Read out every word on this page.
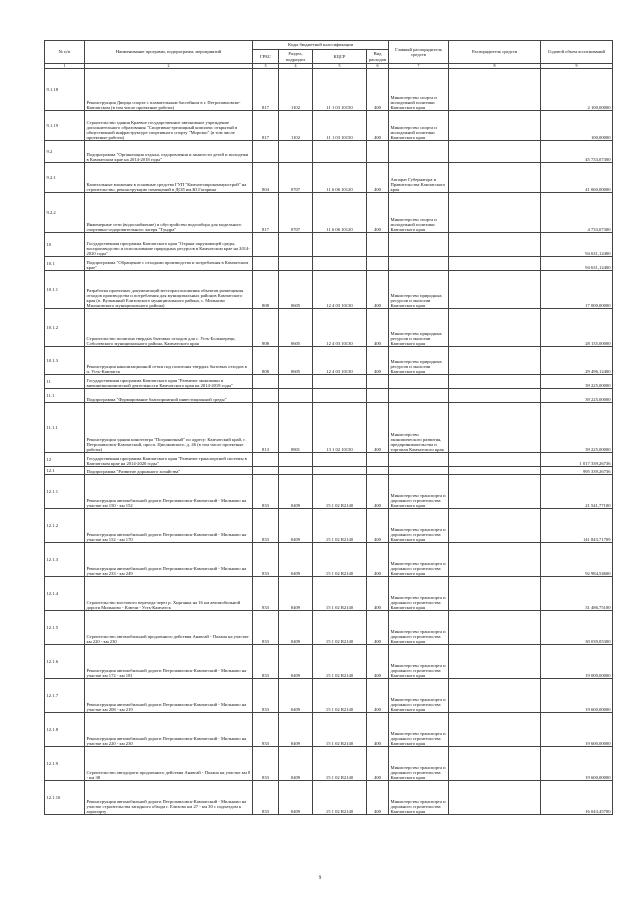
№ п/п	Наименование программ, подпрограмм, мероприятий	Коды бюджетной классификации				Главный распорядитель средств	Распорядитель средств	Годовой объем ассигнований
		ГРБС	Раздел, подраздел	КЦСР	Вид расходов			
1	2	3	4	5	6	7	8	9
9.1.18	Реконструкция Дворца спорта с плавательным бассейном в г. Петропавловске-Камчатском (в том числе проектные работы)	817	1102	11 1 03 10150	400	Министерство спорта и молодежной политики Камчатского края		2 100,00000
9.1.19	Строительство здания Краевое государственное автономное учреждение дополнительного образования "Спортивно-зрелищный комплекс открытый в общественной инфраструктуре спортивного спорту "Морозко" (в том числе проектные работы)	817	1102	11 1 03 10150	400	Министерство спорта и молодежной политики Камчатского края		100,00000
9.2	Подпрограмма "Организация отдыха, оздоровления и занятости детей и молодежи в Камчатском крае на 2014-2018 годы"							45 733,07300
9.2.1	Капитальные вложения в основные средства ГУП "Камчатгипрокоммунстрой" на строительство, реконструкцию помещений в ДОЛ им.Ю.Гагарина	804	0707	11 6 06 10120	400	Аппарат Губернатора и Правительства Камчатского края		41 060,00000
9.2.2	Инженерные сети (водоснабжение) и обустройство водозабора для модельного спортивно-оздоровительного лагеря "Тундра"	817	0707	11 6 06 10120	400	Министерство спорта и молодежной политики Камчатского края		4 733,07300
10	Государственная программа Камчатского края "Охрана окружающей среды, воспроизводство и использование природных ресурсов в Камчатском крае на 2014-2020 годы"							94 631,12400
10.1	Подпрограмма "Обращение с отходами производства и потребления в Камчатском крае"							94 631,12400
10.1.1	Разработка проектных документаций месторасположения объектов размещения отходов производства и потребления для муниципальных районов Камчатского края (п. Вулканный Елизовского муниципального района, с. Мильково Мильковского муниципального района)	808	0605	12 4 03 10130	400	Министерство природных ресурсов и экологии Камчатского края		17 000,00000
10.1.2	Строительство полигона твердых бытовых отходов для с. Усть-Большерецк, Соболевского муниципального района, Камчатского края	808	0605	12 4 03 10130	400	Министерство природных ресурсов и экологии Камчатского края		28 135,00000
10.1.3	Реконструкция канализационной сетки под полигоны твердых бытовых отходов в п. Усть-Камчатск	808	0605	12 4 03 10130	400	Министерство природных ресурсов и экологии Камчатского края		29 496,12400
11	Государственная программа Камчатского края "Развитие экономики и внешнеэкономической деятельности Камчатского края на 2014-2018 годы"							39 225,00000
11.1	Подпрограмма "Формирование благоприятной инвестиционной среды"							39 225,00000
11.1.1	Реконструкция здания кинотеатра "Пограничный" по адресу: Камчатский край, г. Петропавловск-Камчатский, просп. Циолковского, д. 46 (в том числе проектные работы)	813	0801	13 1 02 10150	400	Министерство экономического развития, предпринимательства и торговли Камчатского края		39 225,00000
12	Государственная программа Камчатского края "Развитие транспортной системы в Камчатском крае на 2014-2020 годы"							1 017 339,26736
12.1	Подпрограмма "Развитие дорожного хозяйства"							995 339,26736
12.1.1	Реконструкция автомобильной дороги Петропавловск-Камчатский - Мильково на участке км 150 - км 152	833	0409	15 1 02 R2140	400	Министерство транспорта и дорожного строительства Камчатского края		21 541,77100
12.1.2	Реконструкция автомобильной дороги Петропавловск-Камчатский - Мильково на участке км 152 - км 170	833	0409	15 1 02 R2140	400	Министерство транспорта и дорожного строительства Камчатского края		141 843,71709
12.1.3	Реконструкция автомобильной дороги Петропавловск-Камчатский - Мильково на участке км 233 - км 249	833	0409	15 1 02 R2140	400	Министерство транспорта и дорожного строительства Камчатского края		92 984,54600
12.1.4	Строительство мостового перехода через р. Хирганка на 16 км автомобильной дороги Мильково - Ключи - Усть-Камчатск	833	0409	15 1 02 R2140	400	Министерство транспорта и дорожного строительства Камчатского края		31 486,75100
12.1.5	Строительство автомобильной продленного действия Анавгай - Палана на участке км 220 - км 230	833	0409	15 1 02 R2140	400	Министерство транспорта и дорожного строительства Камчатского края		30 039,05300
12.1.6	Реконструкция автомобильной дороги Петропавловск-Камчатский - Мильково на участке км 172 - км 181	833	0409	15 1 02 R2140	400	Министерство транспорта и дорожного строительства Камчатского края		19 000,00000
12.1.7	Реконструкция автомобильной дороги Петропавловск-Камчатский - Мильково на участке км 208 - км 219	833	0409	15 1 02 R2140	400	Министерство транспорта и дорожного строительства Камчатского края		19 600,00000
12.1.8	Реконструкция автомобильной дороги Петропавловск-Камчатский - Мильково на участке км 220 - км 230	833	0409	15 1 02 R2140	400	Министерство транспорта и дорожного строительства Камчатского края		19 600,00000
12.1.9	Строительство автодороги продленного действия Анавгай - Палана на участке км 0 - км 38	833	0409	15 1 02 R2140	400	Министерство транспорта и дорожного строительства Камчатского края		19 600,00000
12.1.10	Реконструкция автомобильной дороги Петропавловск-Камчатский - Мильково на участке строительства западного обхода г. Елизово км 27 - км 30 с подъездом к аэропорту	833	0409	15 1 02 R2140	400	Министерство транспорта и дорожного строительства Камчатского края		16 043,45700
9
